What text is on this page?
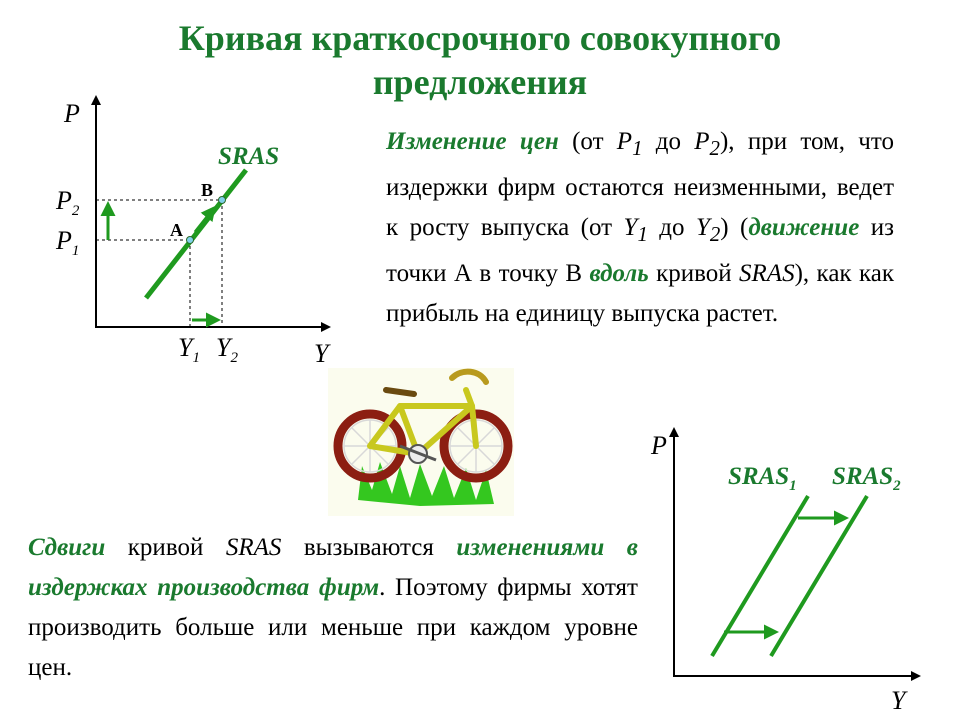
Кривая краткосрочного совокупного
предложения
P
Y
SRAS
A
B
$P_2$
$P_1$
$Y_1$ $Y_2$
P
Y
$SRAS_1$ $SRAS_2$
Изменение цен (от $P_1$ до $P_2$), при том, что издержки фирм остаются неизменными, ведет к росту выпуска (от $Y_1$ до $Y_2$) (движение из точки А в точку В вдоль кривой SRAS), как как прибыль на единицу выпуска растет.
Сдвиги кривой SRAS вызываются изменениями в издержках производства фирм. Поэтому фирмы хотят производить больше или меньше при каждом уровне цен.
